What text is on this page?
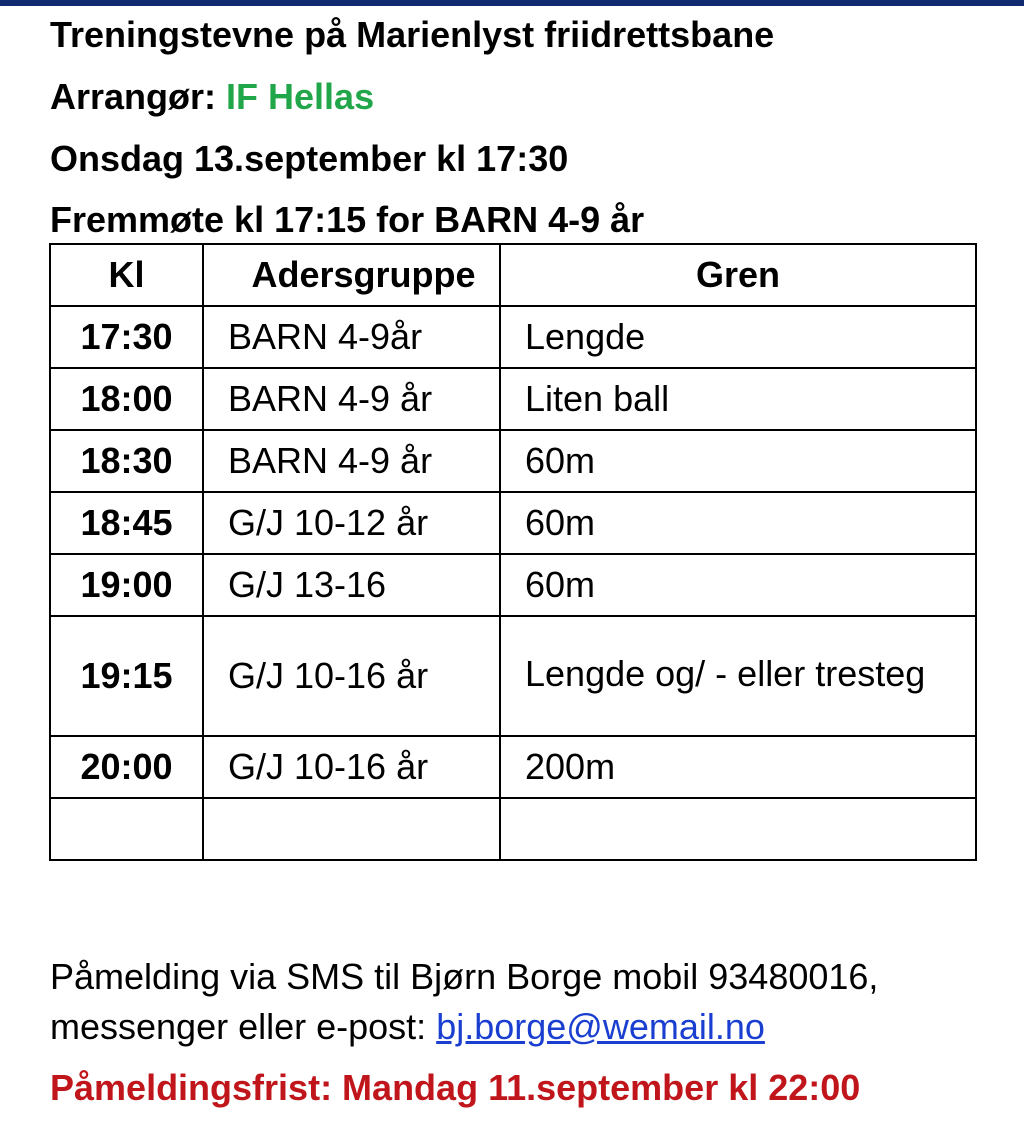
Treningstevne på Marienlyst friidrettsbane
Arrangør: IF Hellas
Onsdag 13.september kl 17:30
Fremmøte kl 17:15 for BARN 4-9 år
Kl	Adersgruppe	Gren
17:30	BARN 4-9år	Lengde
18:00	BARN 4-9 år	Liten ball
18:30	BARN 4-9 år	60m
18:45	G/J 10-12 år	60m
19:00	G/J 13-16	60m
19:15	G/J 10-16 år	Lengde og/ - eller tresteg
20:00	G/J 10-16 år	200m

Påmelding via SMS til Bjørn Borge mobil 93480016,
messenger eller e-post: bj.borge@wemail.no
Påmeldingsfrist: Mandag 11.september kl 22:00
